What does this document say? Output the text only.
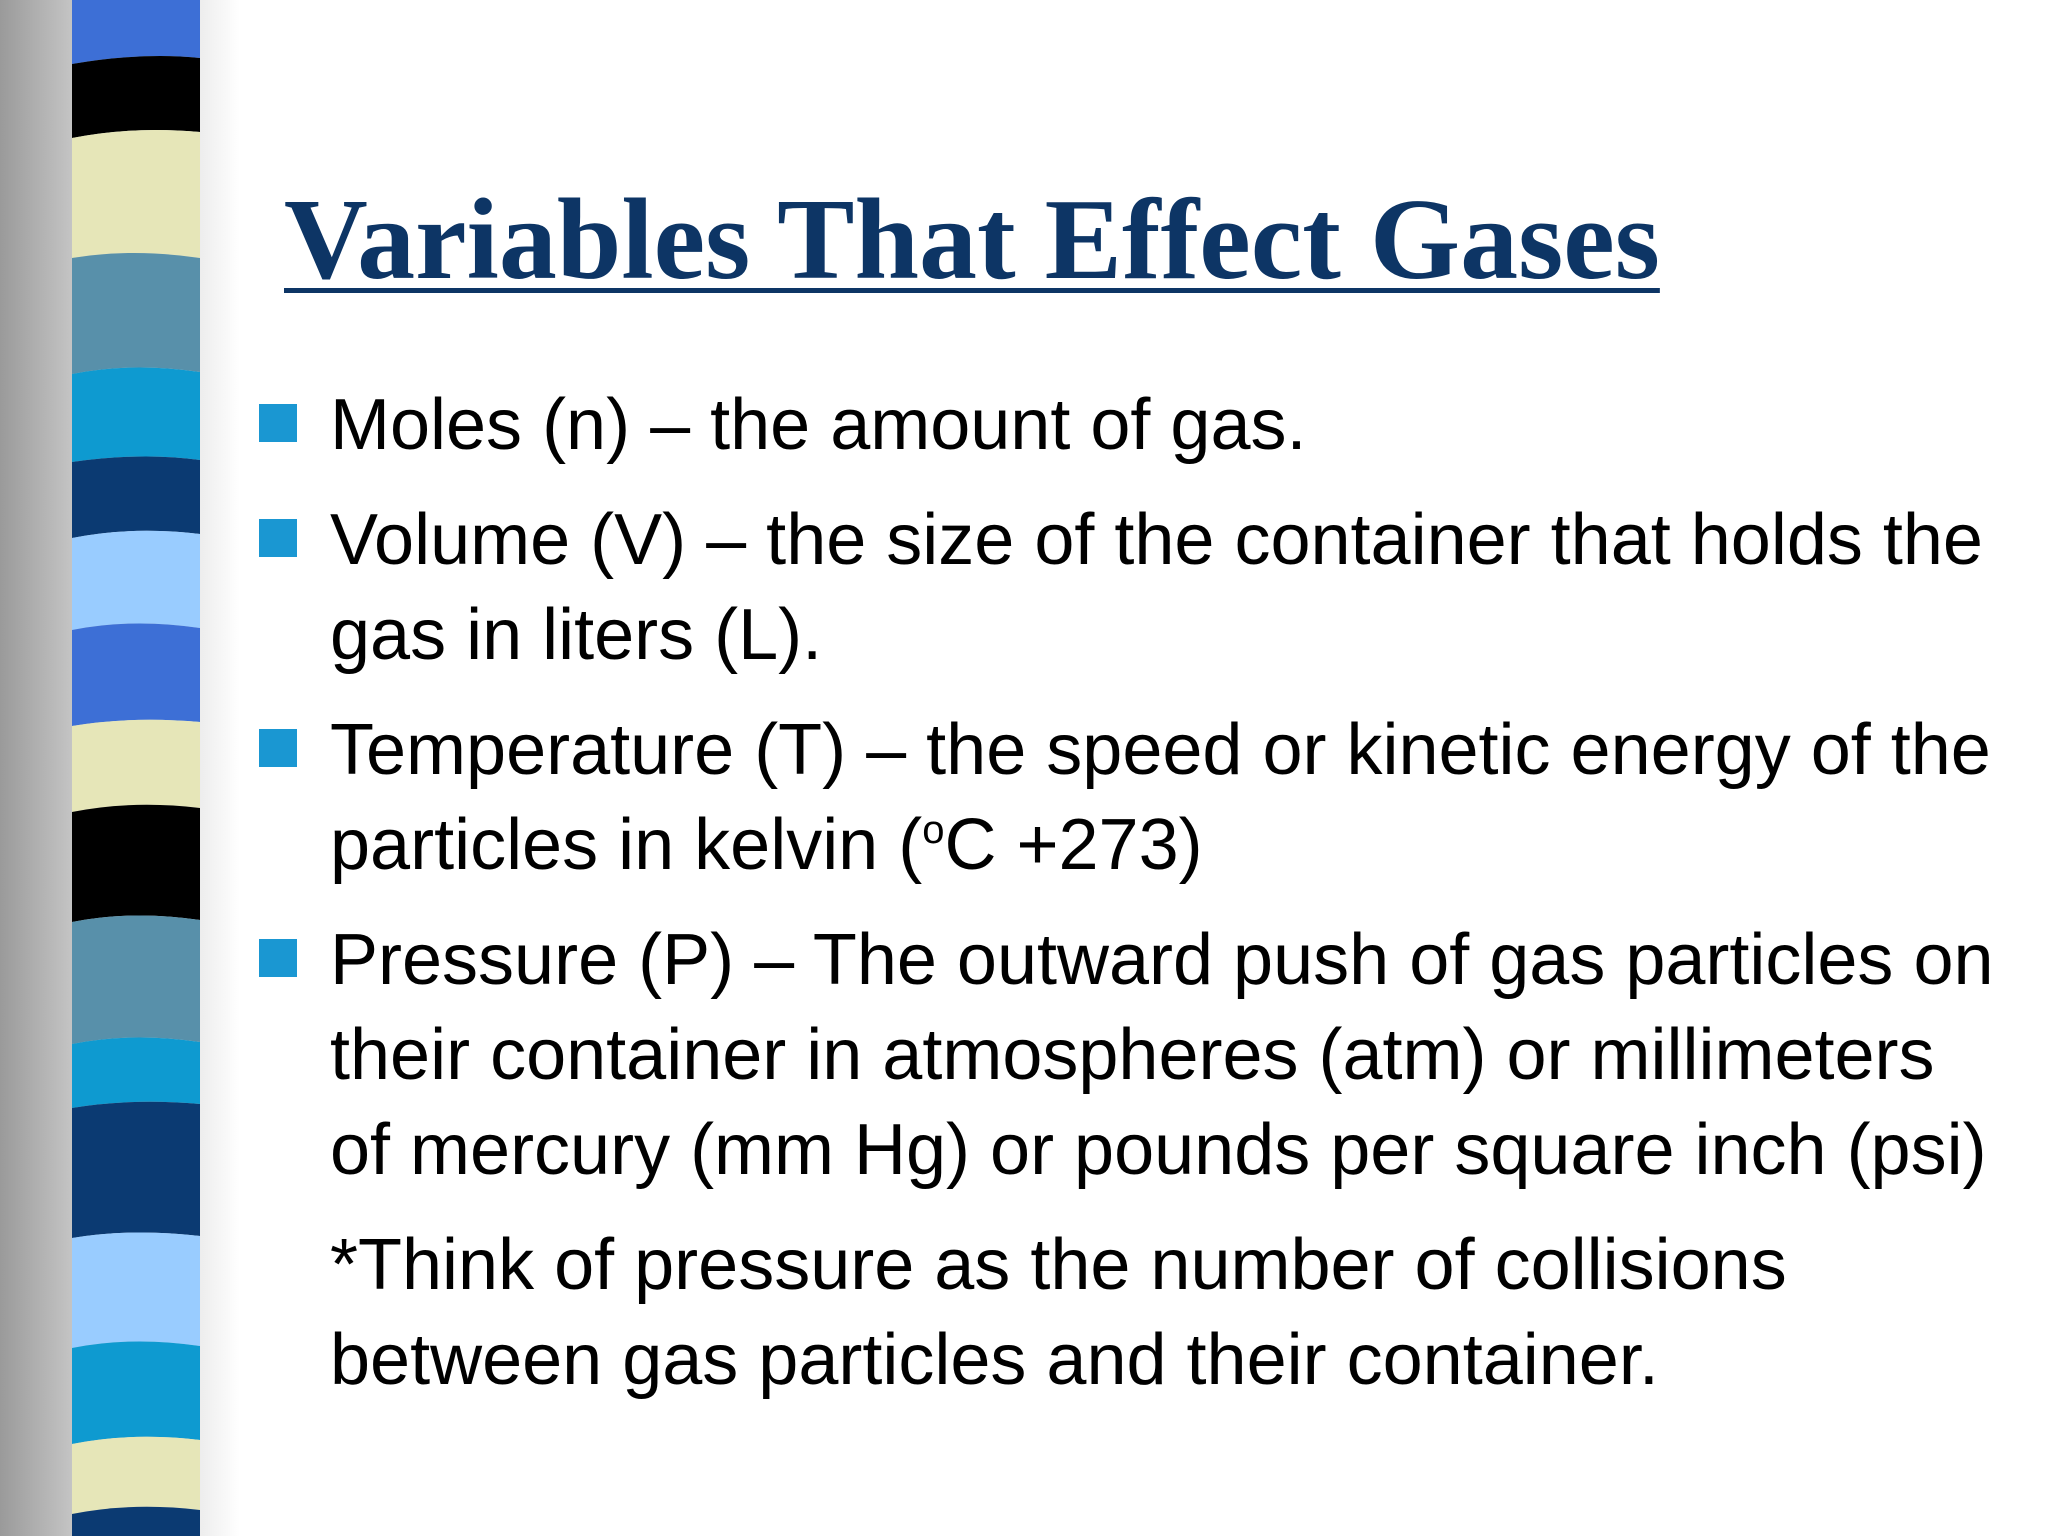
Variables That Effect Gases
Moles (n) – the amount of gas.
Volume (V) – the size of the container that holds the gas in liters (L).
Temperature (T) – the speed or kinetic energy of the particles in kelvin ($^o$C +273)
Pressure (P) – The outward push of gas particles on their container in atmospheres (atm) or millimeters of mercury (mm Hg) or pounds per square inch (psi)

*Think of pressure as the number of collisions between gas particles and their container.
